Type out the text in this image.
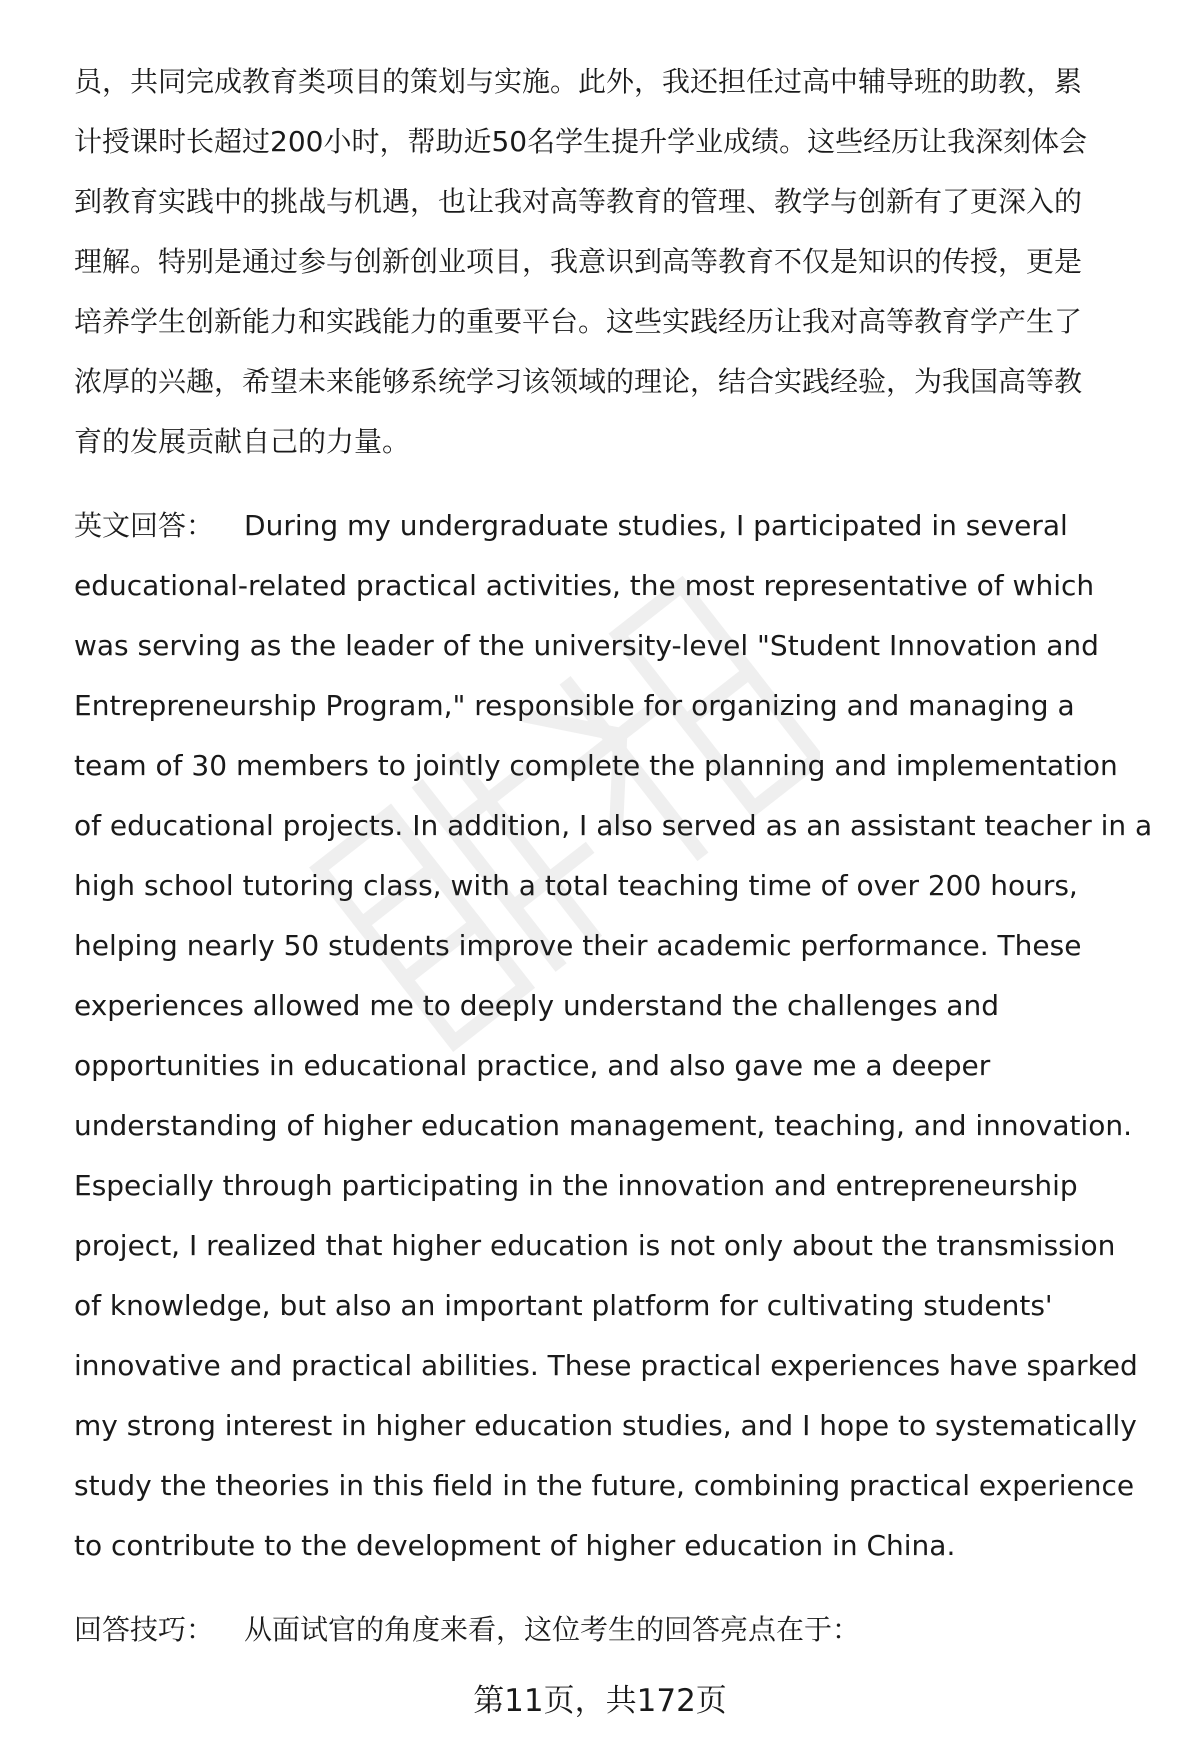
员，共同完成教育类项目的策划与实施。此外，我还担任过高中辅导班的助教，累
计授课时长超过200小时，帮助近50名学生提升学业成绩。这些经历让我深刻体会
到教育实践中的挑战与机遇，也让我对高等教育的管理、教学与创新有了更深入的
理解。特别是通过参与创新创业项目，我意识到高等教育不仅是知识的传授，更是
培养学生创新能力和实践能力的重要平台。这些实践经历让我对高等教育学产生了
浓厚的兴趣，希望未来能够系统学习该领域的理论，结合实践经验，为我国高等教
育的发展贡献自己的力量。
英文回答： During my undergraduate studies, I participated in several
educational-related practical activities, the most representative of which
was serving as the leader of the university-level "Student Innovation and
Entrepreneurship Program," responsible for organizing and managing a
team of 30 members to jointly complete the planning and implementation
of educational projects. In addition, I also served as an assistant teacher in a
high school tutoring class, with a total teaching time of over 200 hours,
helping nearly 50 students improve their academic performance. These
experiences allowed me to deeply understand the challenges and
opportunities in educational practice, and also gave me a deeper
understanding of higher education management, teaching, and innovation.
Especially through participating in the innovation and entrepreneurship
project, I realized that higher education is not only about the transmission
of knowledge, but also an important platform for cultivating students'
innovative and practical abilities. These practical experiences have sparked
my strong interest in higher education studies, and I hope to systematically
study the theories in this field in the future, combining practical experience
to contribute to the development of higher education in China.
回答技巧： 从面试官的角度来看，这位考生的回答亮点在于：
第11页，共172页
